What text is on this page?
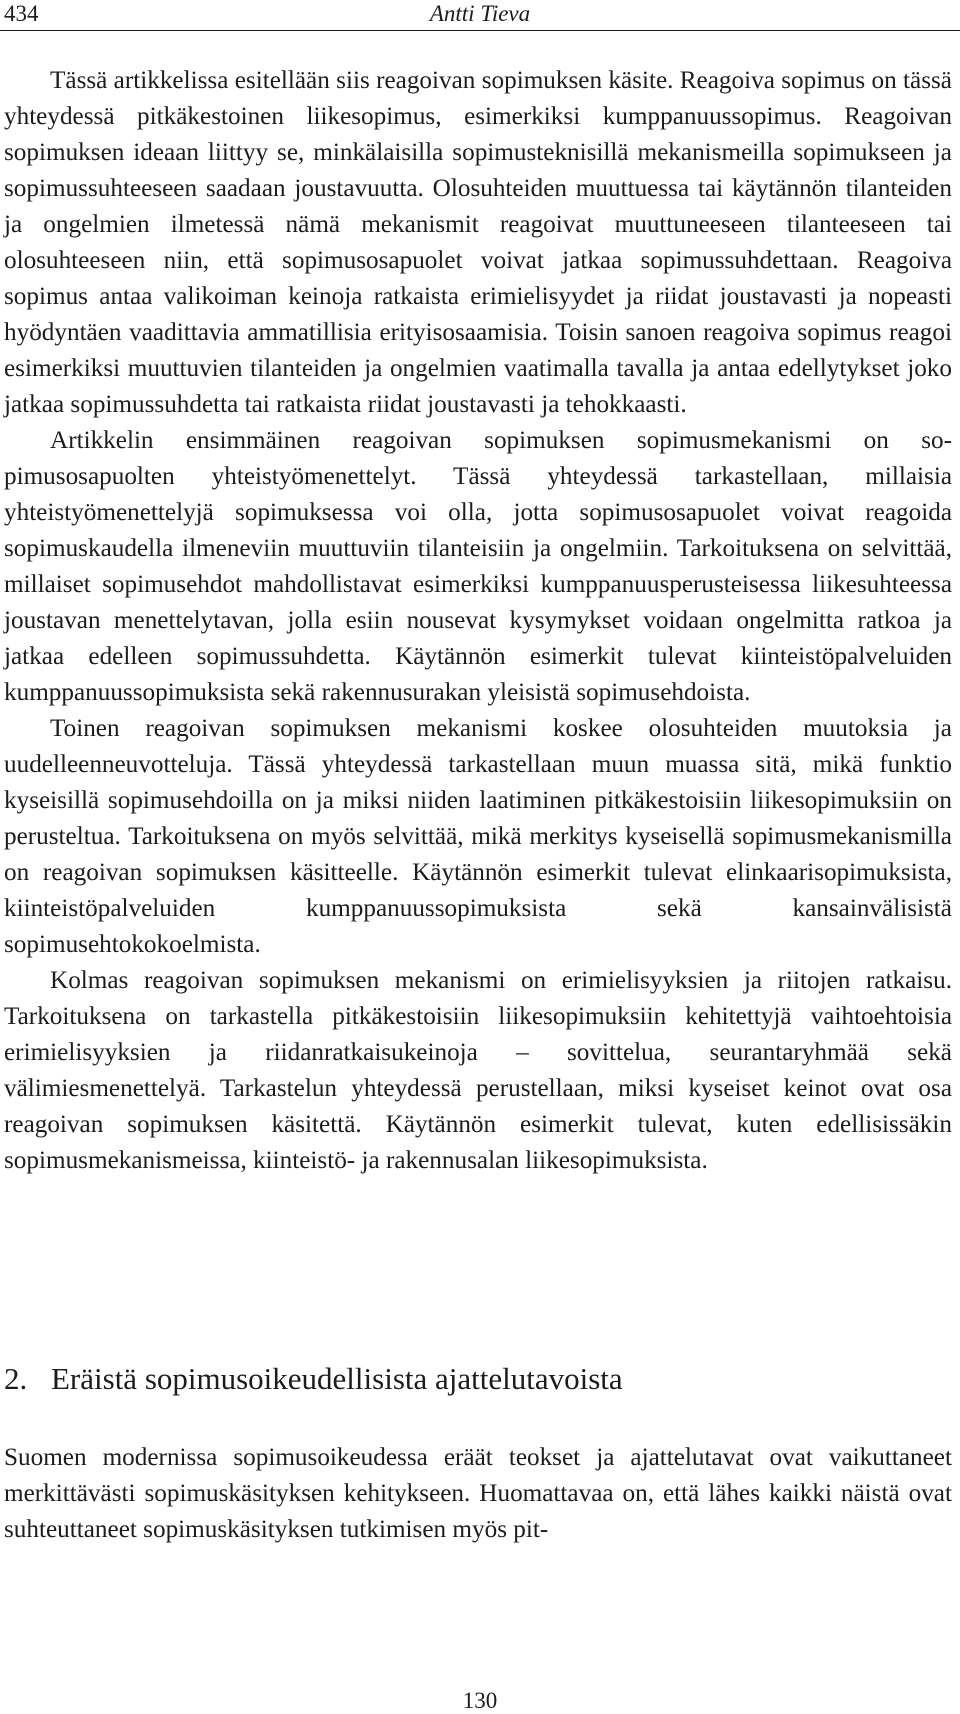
434	Antti Tieva

Tässä artikkelissa esitellään siis reagoivan sopimuksen käsite. Reagoiva sopimus on tässä yhteydessä pitkäkestoinen liikesopimus, esimerkiksi kumppanuussopimus. Reagoivan sopimuksen ideaan liittyy se, minkälaisilla sopimusteknisillä mekanismeilla sopimukseen ja sopimussuhteeseen saadaan joustavuutta. Olosuhteiden muuttuessa tai käytännön tilanteiden ja ongelmien ilmetessä nämä mekanismit reagoivat muuttuneeseen tilanteeseen tai olosuhteeseen niin, että sopimusosapuolet voivat jatkaa sopimussuhdettaan. Reagoiva sopimus antaa valikoiman keinoja ratkaista erimielisyydet ja riidat joustavasti ja nopeasti hyödyntäen vaadittavia ammatillisia erityisosaamisia. Toisin sanoen reagoiva sopimus reagoi esimerkiksi muuttuvien tilanteiden ja ongelmien vaatimalla tavalla ja antaa edellytykset joko jatkaa sopimussuhdetta tai ratkaista riidat joustavasti ja tehokkaasti.

Artikkelin ensimmäinen reagoivan sopimuksen sopimusmekanismi on sopimusosapuolten yhteistyömenettelyt. Tässä yhteydessä tarkastellaan, millaisia yhteistyömenettelyjä sopimuksessa voi olla, jotta sopimusosapuolet voivat reagoida sopimuskaudella ilmeneviin muuttuviin tilanteisiin ja ongelmiin. Tarkoituksena on selvittää, millaiset sopimusehdot mahdollistavat esimerkiksi kumppanuusperusteisessa liikesuhteessa joustavan menettelytavan, jolla esiin nousevat kysymykset voidaan ongelmitta ratkoa ja jatkaa edelleen sopimussuhdetta. Käytännön esimerkit tulevat kiinteistöpalveluiden kumppanuussopimuksista sekä rakennusurakan yleisistä sopimusehdoista.

Toinen reagoivan sopimuksen mekanismi koskee olosuhteiden muutoksia ja uudelleenneuvotteluja. Tässä yhteydessä tarkastellaan muun muassa sitä, mikä funktio kyseisillä sopimusehdoilla on ja miksi niiden laatiminen pitkäkestoisiin liikesopimuksiin on perusteltua. Tarkoituksena on myös selvittää, mikä merkitys kyseisellä sopimusmekanismilla on reagoivan sopimuksen käsitteelle. Käytännön esimerkit tulevat elinkaarisopimuksista, kiinteistöpalveluiden kumppanuussopimuksista sekä kansainvälisistä sopimusehtokokoelmista.

Kolmas reagoivan sopimuksen mekanismi on erimielisyyksien ja riitojen ratkaisu. Tarkoituksena on tarkastella pitkäkestoisiin liikesopimuksiin kehitettyjä vaihtoehtoisia erimielisyyksien ja riidanratkaisukeinoja – sovittelua, seurantaryhmää sekä välimiesmenettelyä. Tarkastelun yhteydessä perustellaan, miksi kyseiset keinot ovat osa reagoivan sopimuksen käsitettä. Käytännön esimerkit tulevat, kuten edellisissäkin sopimusmekanismeissa, kiinteistö- ja rakennusalan liikesopimuksista.

2. Eräistä sopimusoikeudellisista ajattelutavoista

Suomen modernissa sopimusoikeudessa eräät teokset ja ajattelutavat ovat vaikuttaneet merkittävästi sopimuskäsityksen kehitykseen. Huomattavaa on, että lähes kaikki näistä ovat suhteuttaneet sopimuskäsityksen tutkimisen myös pit-

130
